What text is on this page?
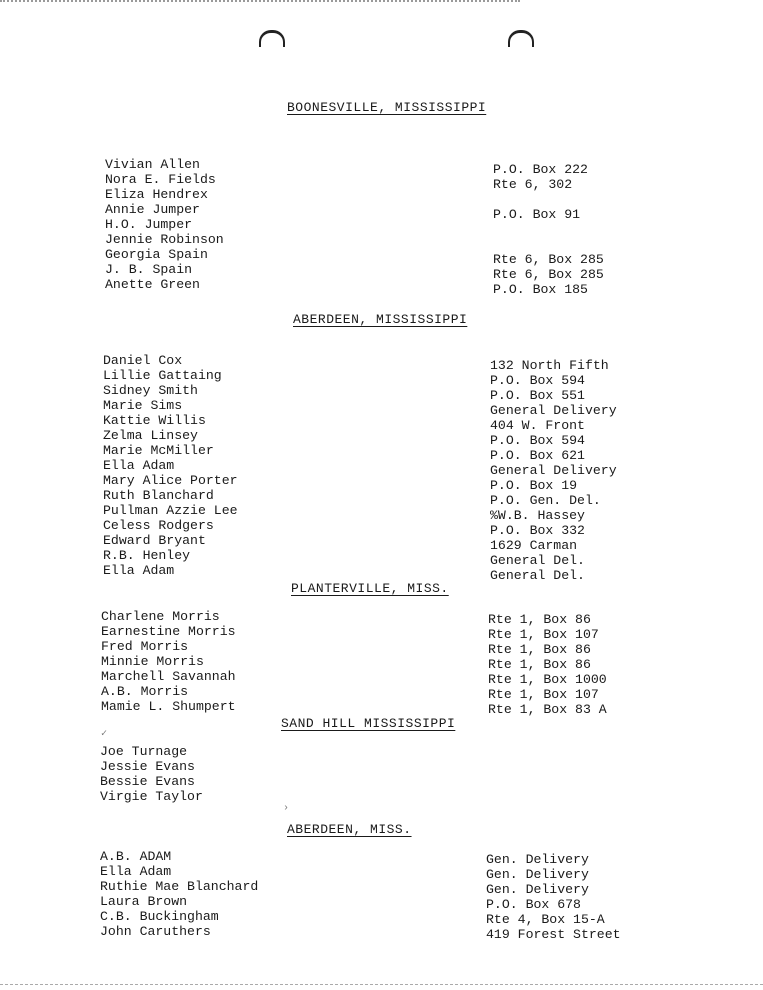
BOONESVILLE, MISSISSIPPI
Vivian Allen
Nora E. Fields
Eliza Hendrex
Annie Jumper
H.O. Jumper
Jennie Robinson
Georgia Spain
J. B. Spain
Anette Green
P.O. Box 222
Rte 6, 302
P.O. Box 91
Rte 6, Box 285
Rte 6, Box 285
P.O. Box 185
ABERDEEN, MISSISSIPPI
Daniel Cox
Lillie Gattaing
Sidney Smith
Marie Sims
Kattie Willis
Zelma Linsey
Marie McMiller
Ella Adam
Mary Alice Porter
Ruth Blanchard
Pullman Azzie Lee
Celess Rodgers
Edward Bryant
R.B. Henley
Ella Adam
132 North Fifth
P.O. Box 594
P.O. Box 551
General Delivery
404 W. Front
P.O. Box 594
P.O. Box 621
General Delivery
P.O. Box 19
P.O. Gen. Del.
%W.B. Hassey
P.O. Box 332
1629 Carman
General Del.
General Del.
PLANTERVILLE, MISS.
Charlene Morris
Earnestine Morris
Fred Morris
Minnie Morris
Marchell Savannah
A.B. Morris
Mamie L. Shumpert
Rte 1, Box 86
Rte 1, Box 107
Rte 1, Box 86
Rte 1, Box 86
Rte 1, Box 1000
Rte 1, Box 107
Rte 1, Box 83 A
SAND HILL MISSISSIPPI
✓
Joe Turnage
Jessie Evans
Bessie Evans
Virgie Taylor
›
ABERDEEN, MISS.
A.B. ADAM
Ella Adam
Ruthie Mae Blanchard
Laura Brown
C.B. Buckingham
John Caruthers
Gen. Delivery
Gen. Delivery
Gen. Delivery
P.O. Box 678
Rte 4, Box 15-A
419 Forest Street
